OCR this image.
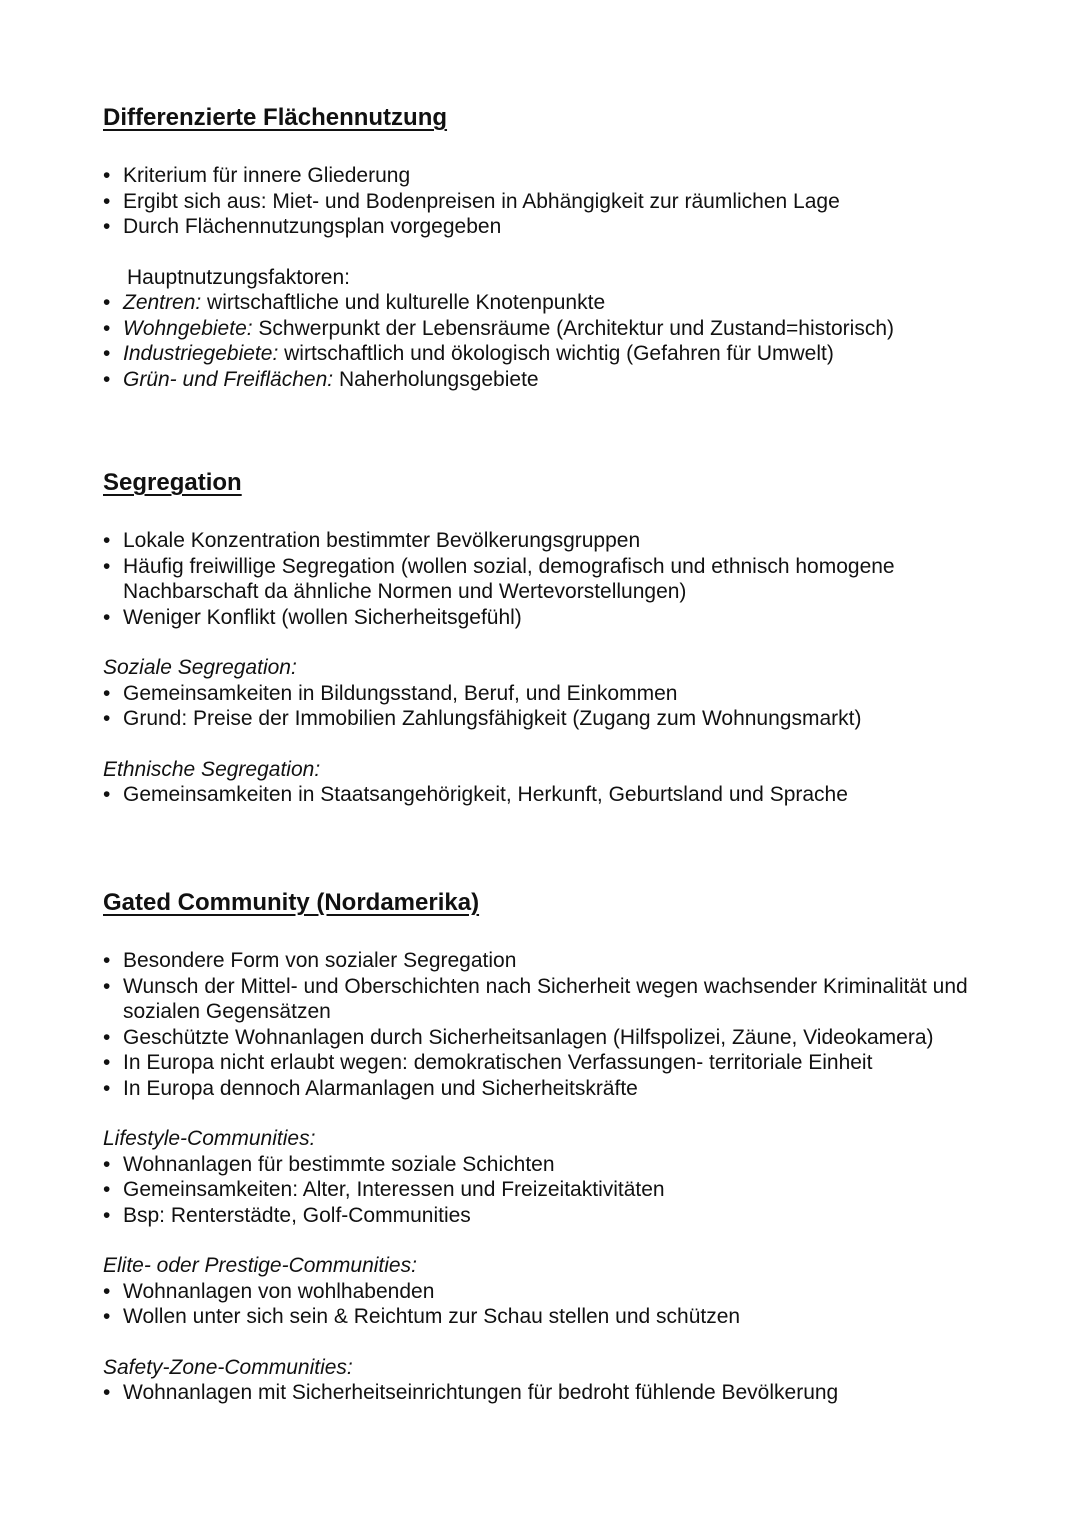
Differenzierte Flächennutzung
• Kriterium für innere Gliederung
• Ergibt sich aus: Miet- und Bodenpreisen in Abhängigkeit zur räumlichen Lage
• Durch Flächennutzungsplan vorgegeben
Hauptnutzungsfaktoren:
• Zentren: wirtschaftliche und kulturelle Knotenpunkte
• Wohngebiete: Schwerpunkt der Lebensräume (Architektur und Zustand=historisch)
• Industriegebiete: wirtschaftlich und ökologisch wichtig (Gefahren für Umwelt)
• Grün- und Freiflächen: Naherholungsgebiete
Segregation
• Lokale Konzentration bestimmter Bevölkerungsgruppen
• Häufig freiwillige Segregation (wollen sozial, demografisch und ethnisch homogene Nachbarschaft da ähnliche Normen und Wertevorstellungen)
• Weniger Konflikt (wollen Sicherheitsgefühl)
Soziale Segregation:
• Gemeinsamkeiten in Bildungsstand, Beruf, und Einkommen
• Grund: Preise der Immobilien Zahlungsfähigkeit (Zugang zum Wohnungsmarkt)
Ethnische Segregation:
• Gemeinsamkeiten in Staatsangehörigkeit, Herkunft, Geburtsland und Sprache
Gated Community (Nordamerika)
• Besondere Form von sozialer Segregation
• Wunsch der Mittel- und Oberschichten nach Sicherheit wegen wachsender Kriminalität und sozialen Gegensätzen
• Geschützte Wohnanlagen durch Sicherheitsanlagen (Hilfspolizei, Zäune, Videokamera)
• In Europa nicht erlaubt wegen: demokratischen Verfassungen- territoriale Einheit
• In Europa dennoch Alarmanlagen und Sicherheitskräfte
Lifestyle-Communities:
• Wohnanlagen für bestimmte soziale Schichten
• Gemeinsamkeiten: Alter, Interessen und Freizeitaktivitäten
• Bsp: Renterstädte, Golf-Communities
Elite- oder Prestige-Communities:
• Wohnanlagen von wohlhabenden
• Wollen unter sich sein & Reichtum zur Schau stellen und schützen
Safety-Zone-Communities:
• Wohnanlagen mit Sicherheitseinrichtungen für bedroht fühlende Bevölkerung
